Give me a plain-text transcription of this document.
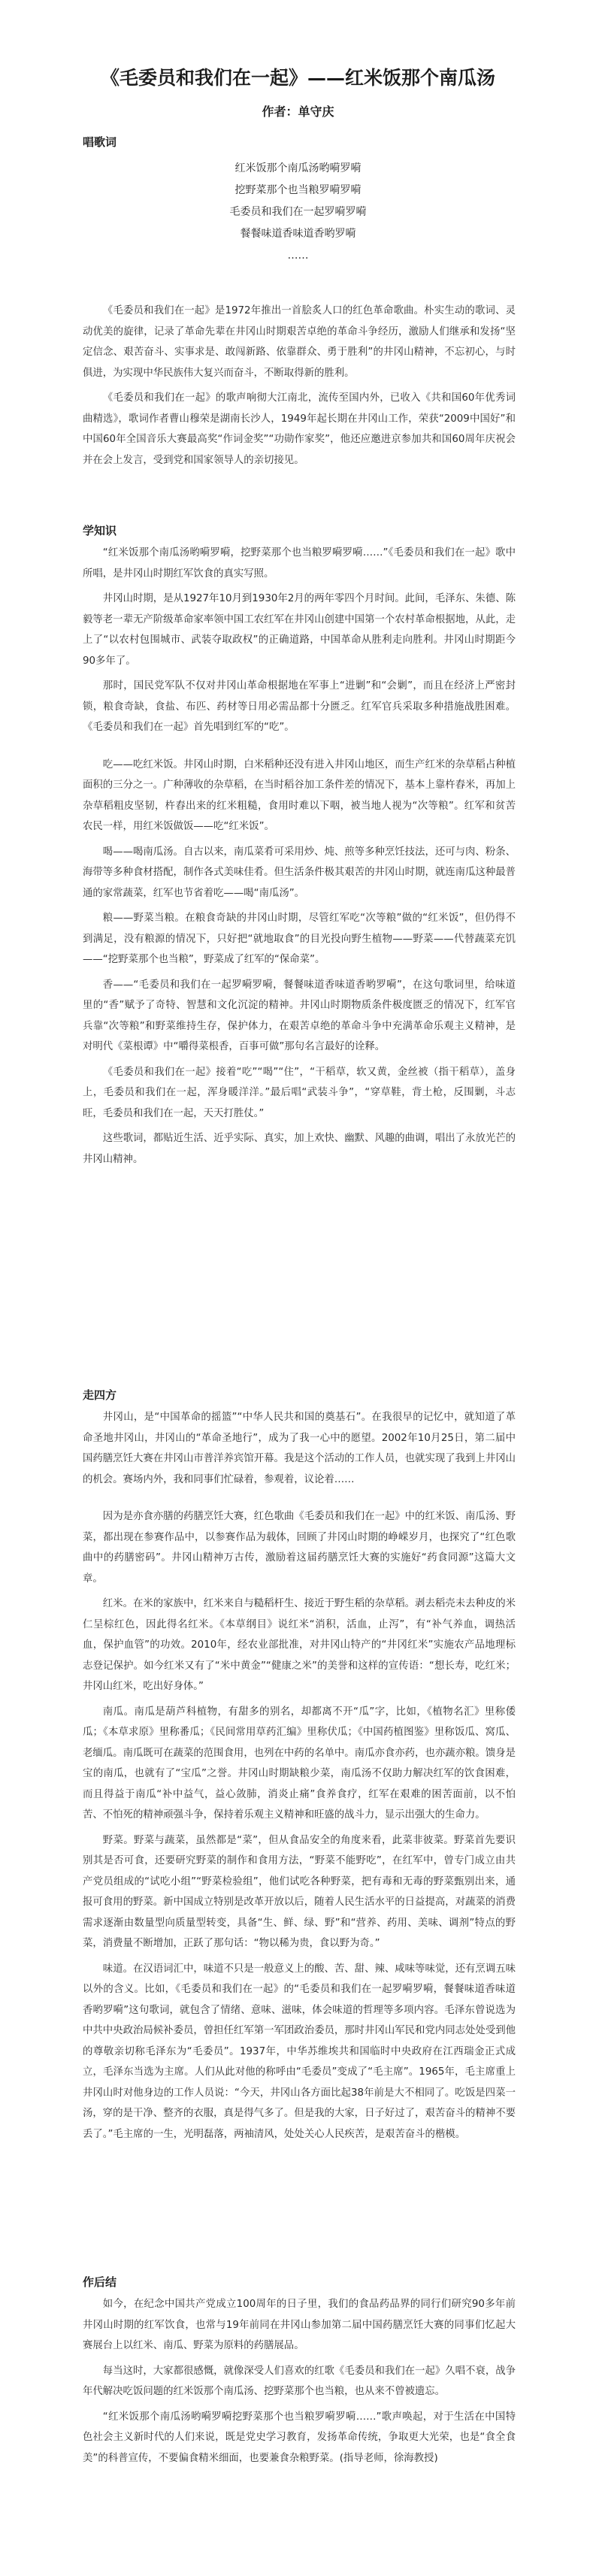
《毛委员和我们在一起》——红米饭那个南瓜汤
作者：单守庆
唱歌词
红米饭那个南瓜汤哟嗬罗嗬
挖野菜那个也当粮罗嗬罗嗬
毛委员和我们在一起罗嗬罗嗬
餐餐味道香味道香哟罗嗬
……

《毛委员和我们在一起》是1972年推出一首脍炙人口的红色革命歌曲。朴实生动的歌词、灵动优美的旋律，记录了革命先辈在井冈山时期艰苦卓绝的革命斗争经历，激励人们继承和发扬“坚定信念、艰苦奋斗、实事求是、敢闯新路、依靠群众、勇于胜利”的井冈山精神，不忘初心，与时俱进，为实现中华民族伟大复兴而奋斗，不断取得新的胜利。

《毛委员和我们在一起》的歌声响彻大江南北，流传至国内外，已收入《共和国60年优秀词曲精选》，歌词作者曹山穆荣是湖南长沙人，1949年起长期在井冈山工作，荣获“2009中国好”和中国60年全国音乐大赛最高奖“作词金奖”“功勋作家奖”，他还应邀进京参加共和国60周年庆祝会并在会上发言，受到党和国家领导人的亲切接见。

学知识

“红米饭那个南瓜汤哟嗬罗嗬，挖野菜那个也当粮罗嗬罗嗬……”《毛委员和我们在一起》歌中所唱，是井冈山时期红军饮食的真实写照。

井冈山时期，是从1927年10月到1930年2月的两年零四个月时间。此间，毛泽东、朱德、陈毅等老一辈无产阶级革命家率领中国工农红军在井冈山创建中国第一个农村革命根据地，从此，走上了“以农村包围城市、武装夺取政权”的正确道路，中国革命从胜利走向胜利。井冈山时期距今90多年了。

那时，国民党军队不仅对井冈山革命根据地在军事上“进剿”和“会剿”，而且在经济上严密封锁，粮食奇缺，食盐、布匹、药材等日用必需品都十分匮乏。红军官兵采取多种措施战胜困难。《毛委员和我们在一起》首先唱到红军的“吃”。

吃——吃红米饭。井冈山时期，白米稻种还没有进入井冈山地区，而生产红米的杂草稻占种植面积的三分之一。广种薄收的杂草稻，在当时稻谷加工条件差的情况下，基本上靠杵舂米，再加上杂草稻粗皮坚韧，杵舂出来的红米粗糙，食用时难以下咽，被当地人视为“次等粮”。红军和贫苦农民一样，用红米饭做饭——吃“红米饭”。

喝——喝南瓜汤。自古以来，南瓜菜肴可采用炒、炖、煎等多种烹饪技法，还可与肉、粉条、海带等多种食材搭配，制作各式美味佳肴。但生活条件极其艰苦的井冈山时期，就连南瓜这种最普通的家常蔬菜，红军也节省着吃——喝“南瓜汤”。

粮——野菜当粮。在粮食奇缺的井冈山时期，尽管红军吃“次等粮”做的“红米饭”，但仍得不到满足，没有粮源的情况下，只好把“就地取食”的目光投向野生植物——野菜——代替蔬菜充饥——“挖野菜那个也当粮”，野菜成了红军的“保命菜”。

香——“毛委员和我们在一起罗嗬罗嗬，餐餐味道香味道香哟罗嗬”，在这句歌词里，给味道里的“香”赋予了奇特、智慧和文化沉淀的精神。井冈山时期物质条件极度匮乏的情况下，红军官兵靠“次等粮”和野菜维持生存，保护体力，在艰苦卓绝的革命斗争中充满革命乐观主义精神，是对明代《菜根谭》中“嚼得菜根香，百事可做”那句名言最好的诠释。

《毛委员和我们在一起》接着“吃”“喝”“住”，“干稻草，软又黄，金丝被（指干稻草），盖身上，毛委员和我们在一起，浑身暖洋洋。”最后唱“武装斗争”，“穿草鞋，背土枪，反围剿，斗志旺，毛委员和我们在一起，天天打胜仗。”

这些歌词，都贴近生活、近乎实际、真实，加上欢快、幽默、风趣的曲调，唱出了永放光芒的井冈山精神。

走四方

井冈山，是“中国革命的摇篮”“中华人民共和国的奠基石”。在我很早的记忆中，就知道了革命圣地井冈山，井冈山的“革命圣地行”，成为了我一心中的愿望。2002年10月25日，第二届中国药膳烹饪大赛在井冈山市普洋养宾馆开幕。我是这个活动的工作人员，也就实现了我到上井冈山的机会。赛场内外，我和同事们忙碌着，参观着，议论着……

因为是亦食亦膳的药膳烹饪大赛，红色歌曲《毛委员和我们在一起》中的红米饭、南瓜汤、野菜，都出现在参赛作品中，以参赛作品为载体，回顾了井冈山时期的峥嵘岁月，也探究了“红色歌曲中的药膳密码”。井冈山精神万古传，激励着这届药膳烹饪大赛的实施好“药食同源”这篇大文章。

红米。在米的家族中，红米来自与糙稻杆生、接近于野生稻的杂草稻。剥去稻壳未去种皮的米仁呈棕红色，因此得名红米。《本草纲目》说红米“消积，活血，止泻”，有“补气养血，调热活血，保护血管”的功效。2010年，经农业部批准，对井冈山特产的“井冈红米”实施农产品地理标志登记保护。如今红米又有了“米中黄金”“健康之米”的美誉和这样的宣传语：“想长寿，吃红米；井冈山红米，吃出好身体。”

南瓜。南瓜是葫芦科植物，有甜多的别名，却都离不开“瓜”字，比如，《植物名汇》里称倭瓜；《本草求原》里称番瓜；《民间常用草药汇编》里称伏瓜；《中国药植图鉴》里称饭瓜、窝瓜、老缅瓜。南瓜既可在蔬菜的范围食用，也列在中药的名单中。南瓜亦食亦药，也亦蔬亦粮。馈身是宝的南瓜，也就有了“宝瓜”之誉。井冈山时期缺粮少菜，南瓜汤不仅助力解决红军的饮食困难，而且得益于南瓜“补中益气，益心敛肺，消炎止痛”食养食疗，红军在艰难的困苦面前，以不怕苦、不怕死的精神顽强斗争，保持着乐观主义精神和旺盛的战斗力，显示出强大的生命力。

野菜。野菜与蔬菜，虽然都是“菜”，但从食品安全的角度来看，此菜非彼菜。野菜首先要识别其是否可食，还要研究野菜的制作和食用方法，“野菜不能野吃”，在红军中，曾专门成立由共产党员组成的“试吃小组”“野菜检验组”，他们试吃各种野菜，把有毒和无毒的野菜甄别出来，通报可食用的野菜。新中国成立特别是改革开放以后，随着人民生活水平的日益提高，对蔬菜的消费需求逐渐由数量型向质量型转变，具备“生、鲜、绿、野”和“营养、药用、美味、调剂”特点的野菜，消费量不断增加，正跃了那句话：“物以稀为贵，食以野为奇。”

味道。在汉语词汇中，味道不只是一般意义上的酸、苦、甜、辣、咸味等味觉，还有烹调五味以外的含义。比如，《毛委员和我们在一起》的“毛委员和我们在一起罗嗬罗嗬，餐餐味道香味道香哟罗嗬”这句歌词，就包含了情绪、意味、滋味，体会味道的哲理等多项内容。毛泽东曾说选为中共中央政治局候补委员，曾担任红军第一军团政治委员，那时井冈山军民和党内同志处处受到他的尊敬亲切称毛泽东为“毛委员”。1937年，中华苏维埃共和国临时中央政府在江西瑞金正式成立，毛泽东当选为主席。人们从此对他的称呼由“毛委员”变成了“毛主席”。1965年，毛主席重上井冈山时对他身边的工作人员说：“今天，井冈山各方面比起38年前是大不相同了。吃饭是四菜一汤，穿的是干净、整齐的衣服，真是得气多了。但是我的大家，日子好过了，艰苦奋斗的精神不要丢了。”毛主席的一生，光明磊落，两袖清风，处处关心人民疾苦，是艰苦奋斗的楷模。

作后结

如今，在纪念中国共产党成立100周年的日子里，我们的食品药品界的同行们研究90多年前井冈山时期的红军饮食，也常与19年前同在井冈山参加第二届中国药膳烹饪大赛的同事们忆起大赛展台上以红米、南瓜、野菜为原料的药膳展品。

每当这时，大家都很感慨，就像深受人们喜欢的红歌《毛委员和我们在一起》久唱不衰，战争年代解决吃饭问题的红米饭那个南瓜汤、挖野菜那个也当粮，也从来不曾被遗忘。

“红米饭那个南瓜汤哟嗬罗嗬挖野菜那个也当粮罗嗬罗嗬……”歌声唤起，对于生活在中国特色社会主义新时代的人们来说，既是党史学习教育，发扬革命传统，争取更大光荣，也是“食全食美”的科普宣传，不要偏食精米细面，也要兼食杂粮野菜。(指导老师，徐海教授)
